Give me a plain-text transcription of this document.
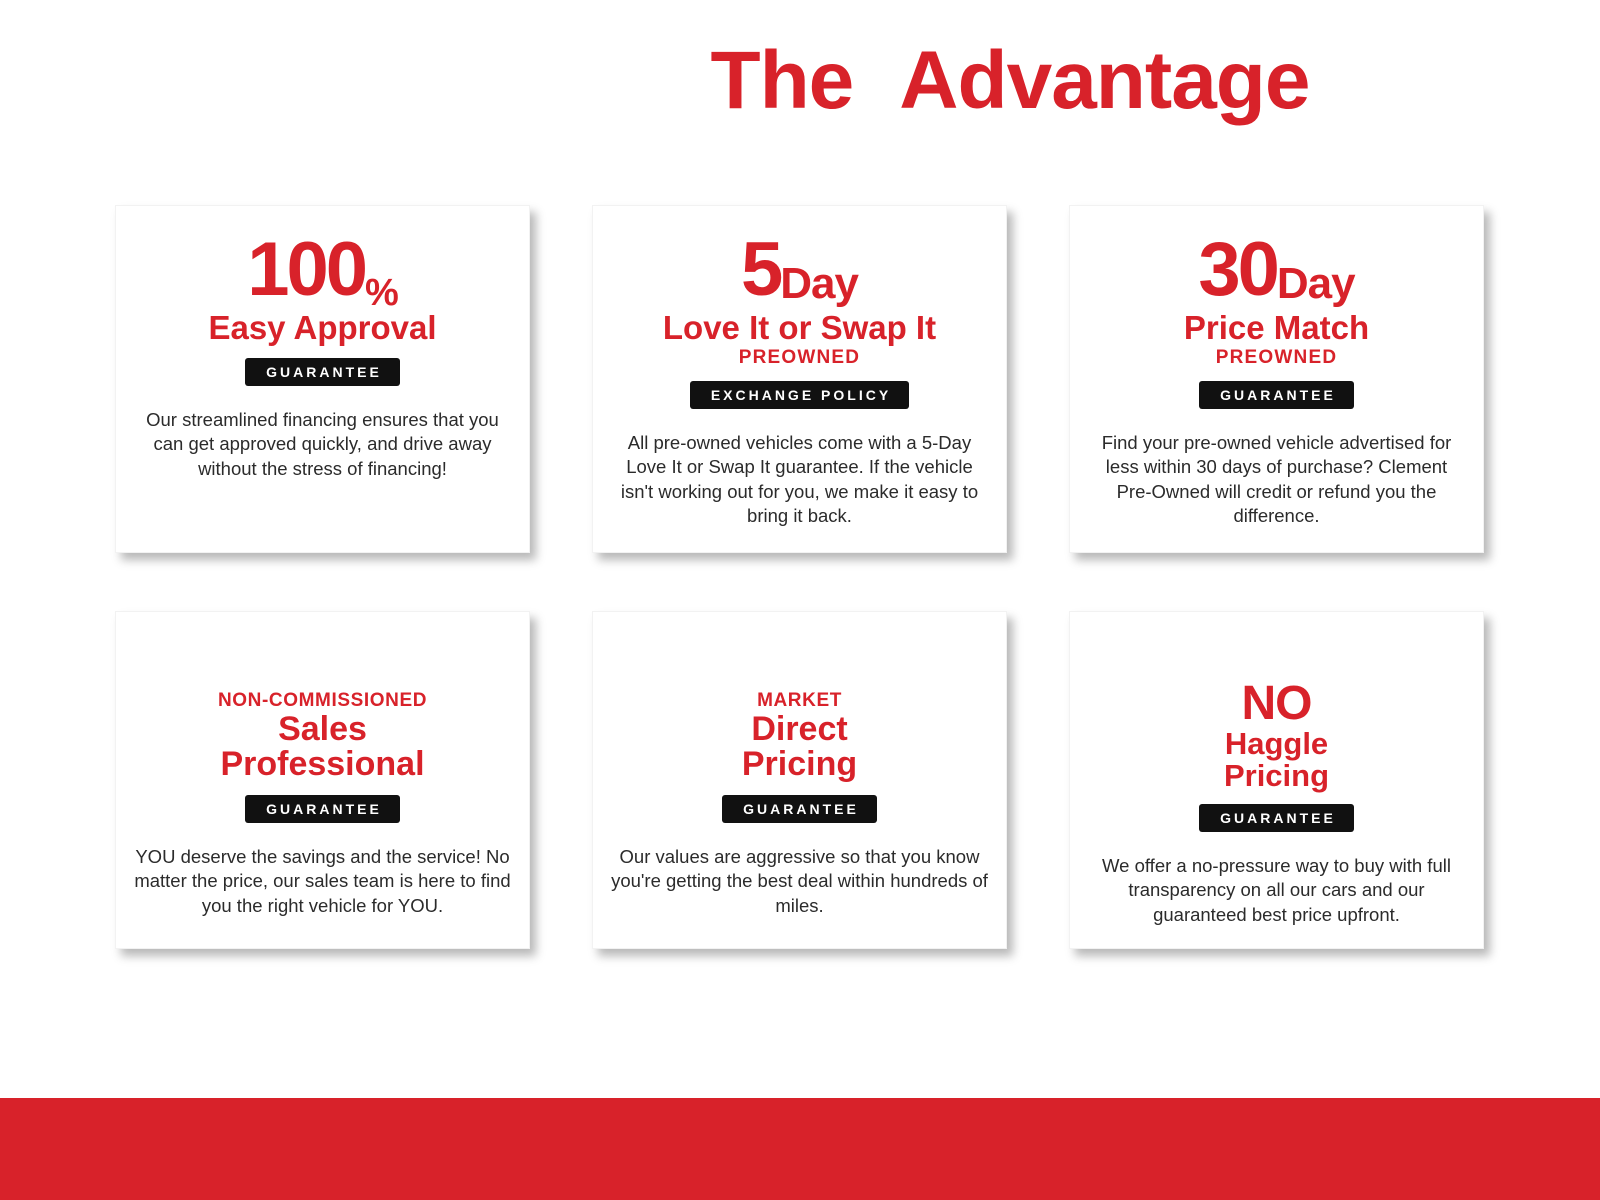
The Advantage
100 %
Easy Approval
GUARANTEE
Our streamlined financing ensures that you can get approved quickly, and drive away without the stress of financing!
5 Day
Love It or Swap It
PREOWNED
EXCHANGE POLICY
All pre-owned vehicles come with a 5-Day Love It or Swap It guarantee. If the vehicle isn't working out for you, we make it easy to bring it back.
30 Day
Price Match
PREOWNED
GUARANTEE
Find your pre-owned vehicle advertised for less within 30 days of purchase? Clement Pre-Owned will credit or refund you the difference.
NON-COMMISSIONED
Sales
Professional
GUARANTEE
YOU deserve the savings and the service! No matter the price, our sales team is here to find you the right vehicle for YOU.
MARKET
Direct
Pricing
GUARANTEE
Our values are aggressive so that you know you're getting the best deal within hundreds of miles.
NO
Haggle
Pricing
GUARANTEE
We offer a no-pressure way to buy with full transparency on all our cars and our guaranteed best price upfront.
